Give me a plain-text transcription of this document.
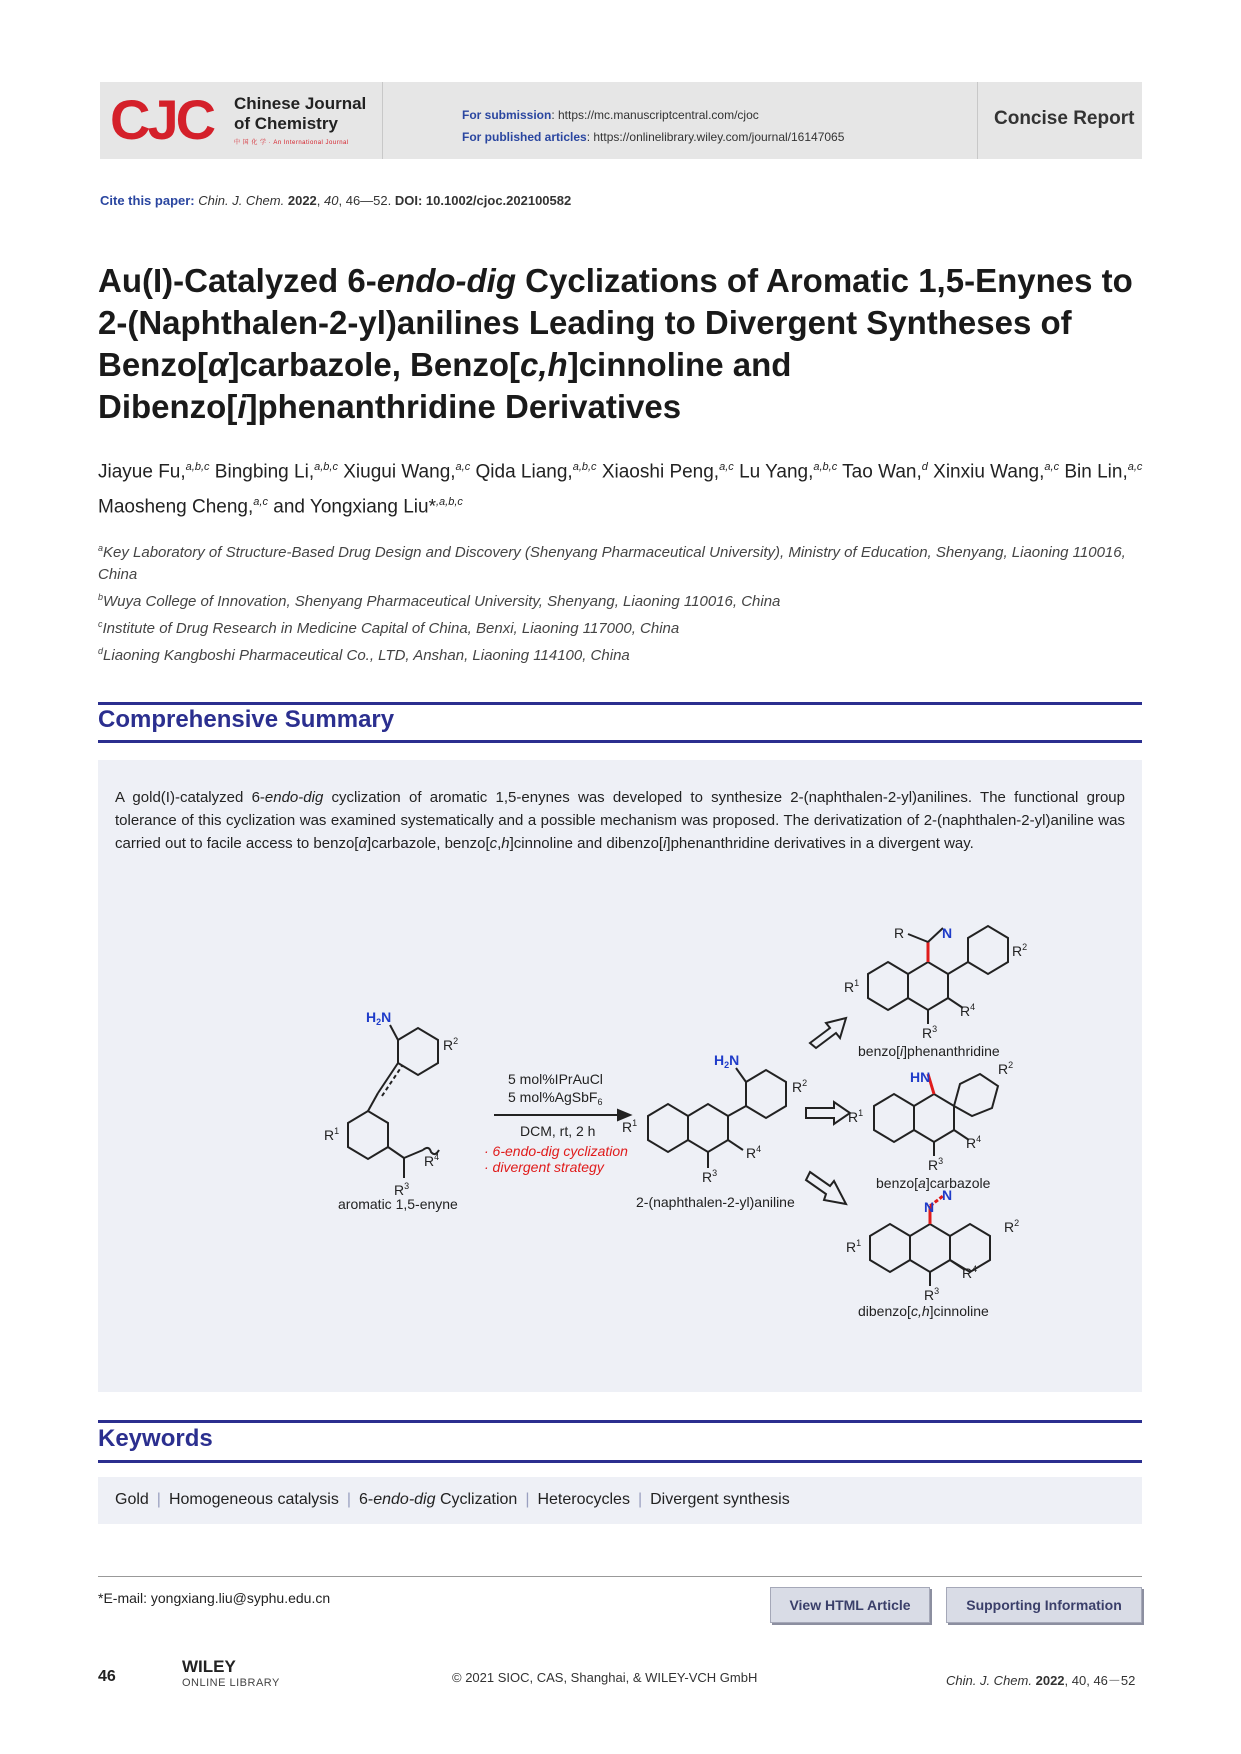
CJC Chinese Journal
of Chemistry
中 国 化 学 · An International Journal
For submission: https://mc.manuscriptcentral.com/cjoc
For published articles: https://onlinelibrary.wiley.com/journal/16147065
Concise Report
Cite this paper: Chin. J. Chem. 2022, 40, 46—52. DOI: 10.1002/cjoc.202100582
Au(I)-Catalyzed 6-endo-dig Cyclizations of Aromatic 1,5-Enynes to 2-(Naphthalen-2-yl)anilines Leading to Divergent Syntheses of Benzo[α]carbazole, Benzo[c,h]cinnoline and Dibenzo[i]phenanthridine Derivatives
Jiayue Fu,$^{a,b,c}$ Bingbing Li,$^{a,b,c}$ Xiugui Wang,$^{a,c}$ Qida Liang,$^{a,b,c}$ Xiaoshi Peng,$^{a,c}$ Lu Yang,$^{a,b,c}$ Tao Wan,$^d$ Xinxiu Wang,$^{a,c}$ Bin Lin,$^{a,c}$ Maosheng Cheng,$^{a,c}$ and Yongxiang Liu*$^{,a,b,c}$
$^a$Key Laboratory of Structure-Based Drug Design and Discovery (Shenyang Pharmaceutical University), Ministry of Education, Shenyang, Liaoning 110016, China
$^b$Wuya College of Innovation, Shenyang Pharmaceutical University, Shenyang, Liaoning 110016, China
$^c$Institute of Drug Research in Medicine Capital of China, Benxi, Liaoning 117000, China
$^d$Liaoning Kangboshi Pharmaceutical Co., LTD, Anshan, Liaoning 114100, China
Comprehensive Summary
A gold(I)-catalyzed 6-endo-dig cyclization of aromatic 1,5-enynes was developed to synthesize 2-(naphthalen-2-yl)anilines. The functional group tolerance of this cyclization was examined systematically and a possible mechanism was proposed. The derivatization of 2-(naphthalen-2-yl)aniline was carried out to facile access to benzo[α]carbazole, benzo[c,h]cinnoline and dibenzo[i]phenanthridine derivatives in a divergent way.
$H_2N$
$R^2$
$R^1$
$R^4$
$R^3$
aromatic 1,5-enyne
5 mol%IPrAuCl
5 mol%AgSbF$_6$
DCM, rt, 2 h
· 6-endo-dig cyclization
· divergent strategy
$H_2N$
$R^2$
$R^1$
$R^4$
$R^3$
2-(naphthalen-2-yl)aniline
R	N
$R^2$
$R^1$
$R^4$
$R^3$
benzo[i]phenanthridine
HN	$R^2$
$R^1$
$R^4$
$R^3$
benzo[a]carbazole
N
N
$R^2$
$R^1$
$R^4$
$R^3$
dibenzo[c,h]cinnoline
Keywords
Gold | Homogeneous catalysis | 6-endo-dig Cyclization | Heterocycles | Divergent synthesis
*E-mail: yongxiang.liu@syphu.edu.cn	View HTML Article	Supporting Information
46
WILEY
ONLINE LIBRARY	© 2021 SIOC, CAS, Shanghai, & WILEY-VCH GmbH	Chin. J. Chem. 2022, 40, 46－52
